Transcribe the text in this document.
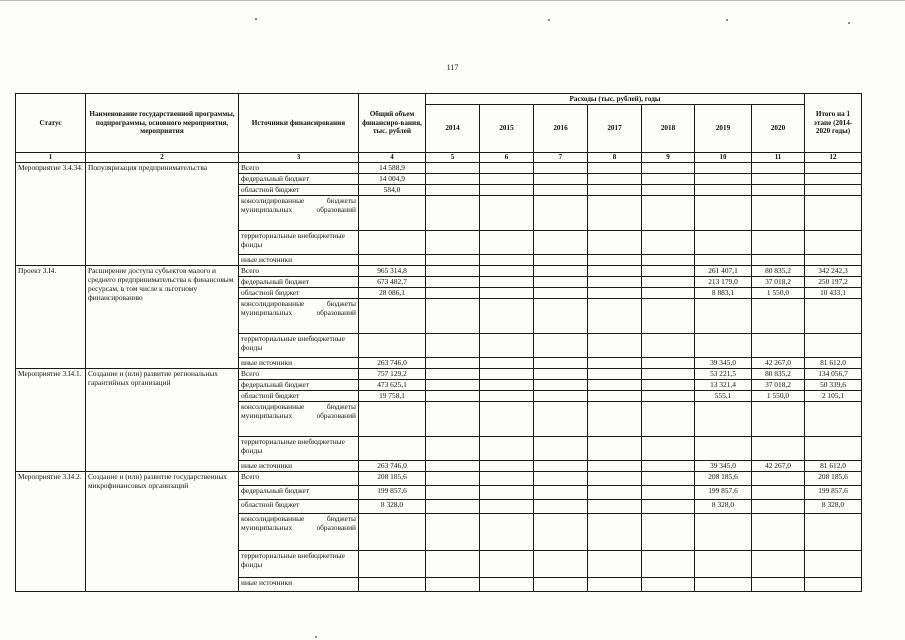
117
Статус	Наименование государственной программы, подпрограммы, основного мероприятия, мероприятия	Источники финансирования	Общий объем финансиро-вания, тыс. рублей	Расходы (тыс. рублей), годы							Итого на 1 этапе (2014-2020 годы)
				2014	2015	2016	2017	2018	2019	2020	
1	2	3	4	5	6	7	8	9	10	11	12
Мероприятие 3.4.34.	Популяризация предпринимательства	Всего	14 588,9								
		федеральный бюджет	14 004,9								
		областной бюджет	584,0								
		консолидированные бюджеты муниципальных образований									
		территориальные внебюджетные фонды									
		иные источники									
Проект 3.I4.	Расширение доступа субъектов малого и среднего предпринимательства к финансовым ресурсам, в том числе к льготному финансированию	Всего	965 314,8						261 407,1	80 835,2	342 242,3
		федеральный бюджет	673 482,7						213 179,0	37 018,2	250 197,2
		областной бюджет	28 086,1						8 883,1	1 550,0	10 433,1
		консолидированные бюджеты муниципальных образований									
		территориальные внебюджетные фонды									
		иные источники	263 746,0						39 345,0	42 267,0	81 612,0
Мероприятие 3.I4.1.	Создание и (или) развитие региональных гарантийных организаций	Всего	757 129,2						53 221,5	80 835,2	134 056,7
		федеральный бюджет	473 625,1						13 321,4	37 018,2	50 339,6
		областной бюджет	19 758,1						555,1	1 550,0	2 105,1
		консолидированные бюджеты муниципальных образований									
		территориальные внебюджетные фонды									
		иные источники	263 746,0						39 345,0	42 267,0	81 612,0
Мероприятие 3.I4.2.	Создание и (или) развитие государственных микрофинансовых организаций	Всего	208 185,6						208 185,6		208 185,6
		федеральный бюджет	199 857,6						199 857,6		199 857,6
		областной бюджет	8 328,0						8 328,0		8 328,0
		консолидированные бюджеты муниципальных образований									
		территориальные внебюджетные фонды									
		иные источники									
